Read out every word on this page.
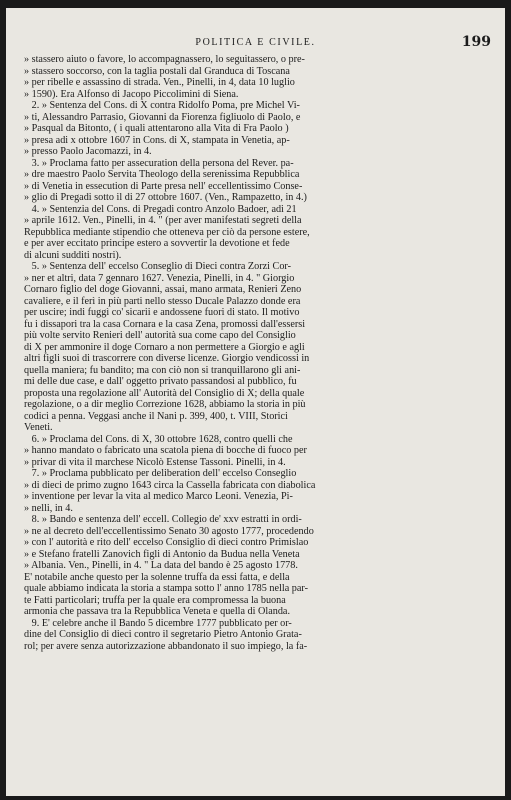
POLITICA E CIVILE.	199
» stassero aiuto o favore, lo accompagnassero, lo seguitassero, o pre-
» stassero soccorso, con la taglia postali dal Granduca di Toscana
» per ribelle e assassino di strada. Ven., Pinelli, in 4, data 10 luglio
» 1590). Era Alfonso di Jacopo Piccolimini di Siena.
2. » Sentenza del Cons. di X contra Ridolfo Poma, pre Michel Vi-
» ti, Alessandro Parrasio, Giovanni da Fiorenza figliuolo di Paolo, e
» Pasqual da Bitonto, ( i quali attentarono alla Vita di Fra Paolo )
» presa adi x ottobre 1607 in Cons. di X, stampata in Venetia, ap-
» presso Paolo Jacomazzi, in 4.
3. » Proclama fatto per assecuration della persona del Rever. pa-
» dre maestro Paolo Servita Theologo della serenissima Repubblica
» di Venetia in essecution di Parte presa nell' eccellentissimo Conse-
» glio di Pregadi sotto il di 27 ottobre 1607. (Ven., Rampazetto, in 4.)
4. » Sentenzia del Cons. di Pregadi contro Anzolo Badoer, adi 21
» aprile 1612. Ven., Pinelli, in 4. " (per aver manifestati segreti della
Repubblica mediante stipendio che otteneva per ciò da persone estere,
e per aver eccitato principe estero a sovvertir la devotione et fede
di alcuni sudditi nostri).
5. » Sentenza dell' eccelso Conseglio di Dieci contra Zorzi Cor-
» ner et altri, data 7 gennaro 1627. Venezia, Pinelli, in 4. " Giorgio
Cornaro figlio del doge Giovanni, assai, mano armata, Renieri Zeno
cavaliere, e il ferì in più parti nello stesso Ducale Palazzo donde era
per uscire; indi fuggì co' sicarii e andossene fuori di stato. Il motivo
fu i dissapori tra la casa Cornara e la casa Zena, promossi dall'essersi
più volte servito Renieri dell' autorità sua come capo del Consiglio
di X per ammonire il doge Cornaro a non permettere a Giorgio e agli
altri figli suoi di trascorrere con diverse licenze. Giorgio vendicossi in
quella maniera; fu bandito; ma con ciò non si tranquillarono gli ani-
mi delle due case, e dall' oggetto privato passandosi al pubblico, fu
proposta una regolazione all' Autorità del Consiglio di X; della quale
regolazione, o a dir meglio Correzione 1628, abbiamo la storia in più
codici a penna. Veggasi anche il Nani p. 399, 400, t. VIII, Storici
Veneti.
6. » Proclama del Cons. di X, 30 ottobre 1628, contro quelli che
» hanno mandato o fabricato una scatola piena di bocche di fuoco per
» privar di vita il marchese Nicolò Estense Tassoni. Pinelli, in 4.
7. » Proclama pubblicato per deliberation dell' eccelso Conseglio
» di dieci de primo zugno 1643 circa la Cassella fabricata con diabolica
» inventione per levar la vita al medico Marco Leoni. Venezia, Pi-
» nelli, in 4.
8. » Bando e sentenza dell' eccell. Collegio de' xxv estratti in ordi-
» ne al decreto dell'eccellentissimo Senato 30 agosto 1777, procedendo
» con l' autorità e rito dell' eccelso Consiglio di dieci contro Primislao
» e Stefano fratelli Zanovich figli di Antonio da Budua nella Veneta
» Albania. Ven., Pinelli, in 4. " La data del bando è 25 agosto 1778.
E' notabile anche questo per la solenne truffa da essi fatta, e della
quale abbiamo indicata la storia a stampa sotto l' anno 1785 nella par-
te Fatti particolari; truffa per la quale era compromessa la buona
armonia che passava tra la Repubblica Veneta e quella di Olanda.
9. E' celebre anche il Bando 5 dicembre 1777 pubblicato per or-
dine del Consiglio di dieci contro il segretario Pietro Antonio Grata-
rol; per avere senza autorizzazione abbandonato il suo impiego, la fa-
